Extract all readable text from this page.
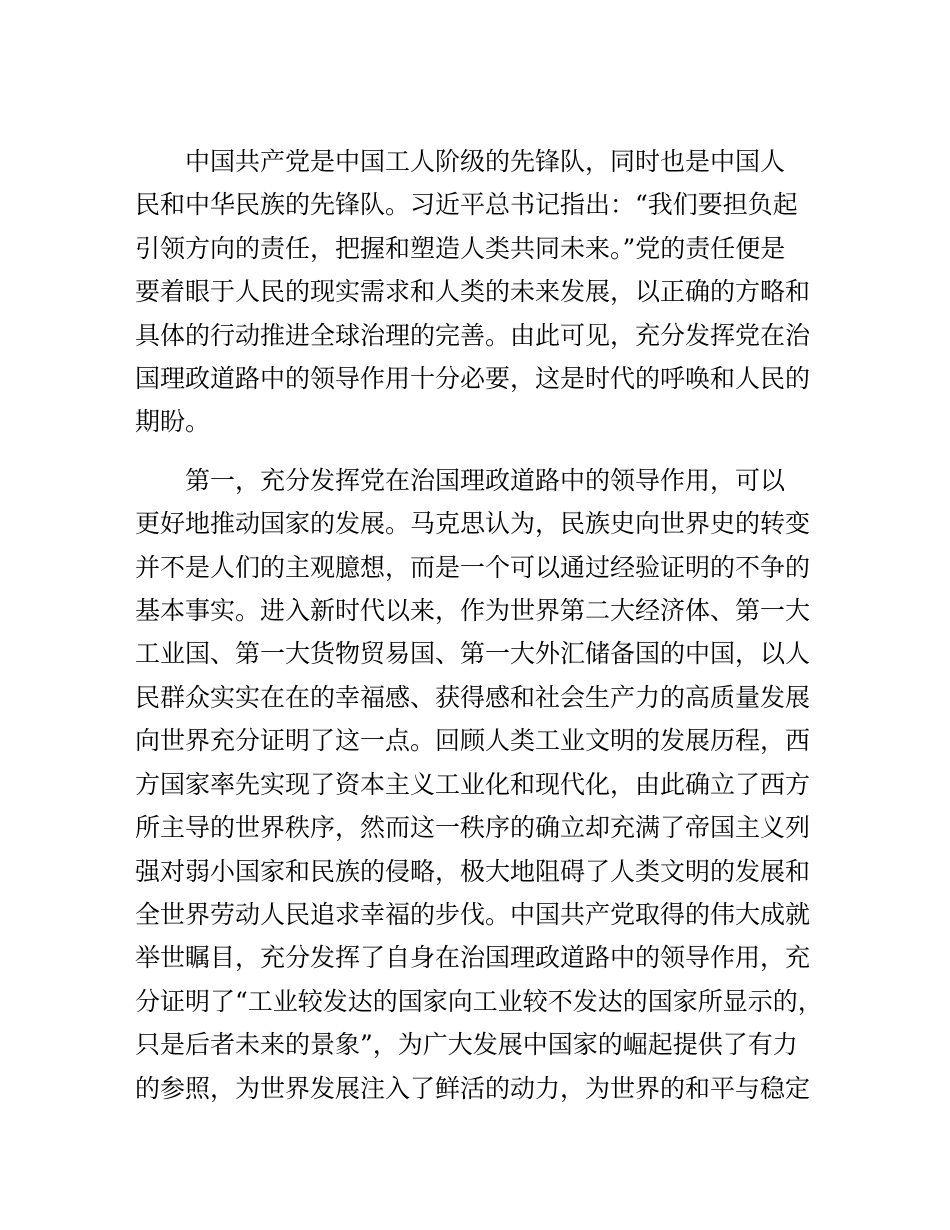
中国共产党是中国工人阶级的先锋队，同时也是中国人
民和中华民族的先锋队。习近平总书记指出：“我们要担负起
引领方向的责任，把握和塑造人类共同未来。”党的责任便是
要着眼于人民的现实需求和人类的未来发展，以正确的方略和
具体的行动推进全球治理的完善。由此可见，充分发挥党在治
国理政道路中的领导作用十分必要，这是时代的呼唤和人民的
期盼。
第一，充分发挥党在治国理政道路中的领导作用，可以
更好地推动国家的发展。马克思认为，民族史向世界史的转变
并不是人们的主观臆想，而是一个可以通过经验证明的不争的
基本事实。进入新时代以来，作为世界第二大经济体、第一大
工业国、第一大货物贸易国、第一大外汇储备国的中国，以人
民群众实实在在的幸福感、获得感和社会生产力的高质量发展
向世界充分证明了这一点。回顾人类工业文明的发展历程，西
方国家率先实现了资本主义工业化和现代化，由此确立了西方
所主导的世界秩序，然而这一秩序的确立却充满了帝国主义列
强对弱小国家和民族的侵略，极大地阻碍了人类文明的发展和
全世界劳动人民追求幸福的步伐。中国共产党取得的伟大成就
举世瞩目，充分发挥了自身在治国理政道路中的领导作用，充
分证明了“工业较发达的国家向工业较不发达的国家所显示的，
只是后者未来的景象”，为广大发展中国家的崛起提供了有力
的参照，为世界发展注入了鲜活的动力，为世界的和平与稳定
